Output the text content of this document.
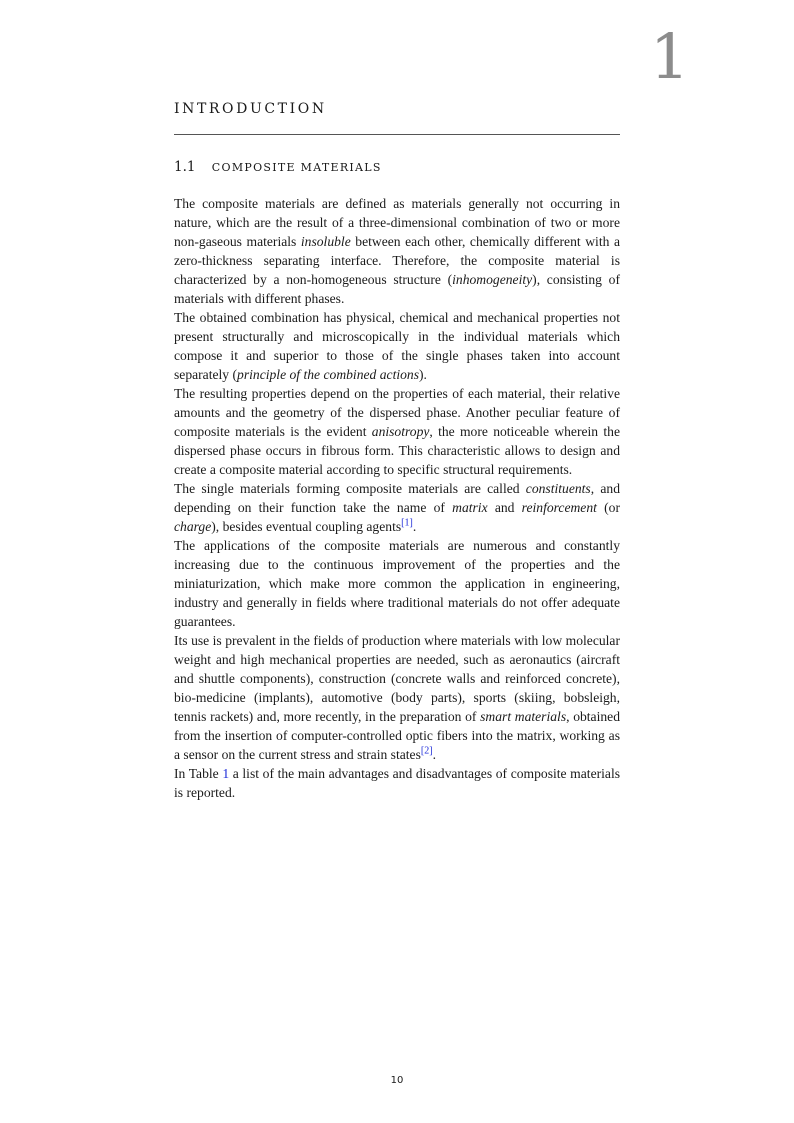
1
INTRODUCTION
1.1 COMPOSITE MATERIALS

The composite materials are defined as materials generally not occurring in nature, which are the result of a three-dimensional combination of two or more non-gaseous materials insoluble between each other, chemically different with a zero-thickness separating interface. Therefore, the composite material is characterized by a non-homogeneous structure (inhomogeneity), consisting of materials with different phases.

The obtained combination has physical, chemical and mechanical properties not present structurally and microscopically in the individual materials which compose it and superior to those of the single phases taken into account separately (principle of the combined actions).

The resulting properties depend on the properties of each material, their relative amounts and the geometry of the dispersed phase. Another peculiar feature of composite materials is the evident anisotropy, the more noticeable wherein the dispersed phase occurs in fibrous form. This characteristic allows to design and create a composite material according to specific structural requirements.

The single materials forming composite materials are called constituents, and depending on their function take the name of matrix and reinforcement (or charge), besides eventual coupling agents[1].

The applications of the composite materials are numerous and constantly increasing due to the continuous improvement of the properties and the miniaturization, which make more common the application in engineering, industry and generally in fields where traditional materials do not offer adequate guarantees.

Its use is prevalent in the fields of production where materials with low molecular weight and high mechanical properties are needed, such as aeronautics (aircraft and shuttle components), construction (concrete walls and reinforced concrete), bio-medicine (implants), automotive (body parts), sports (skiing, bobsleigh, tennis rackets) and, more recently, in the preparation of smart materials, obtained from the insertion of computer-controlled optic fibers into the matrix, working as a sensor on the current stress and strain states[2].

In Table 1 a list of the main advantages and disadvantages of composite materials is reported.

10
